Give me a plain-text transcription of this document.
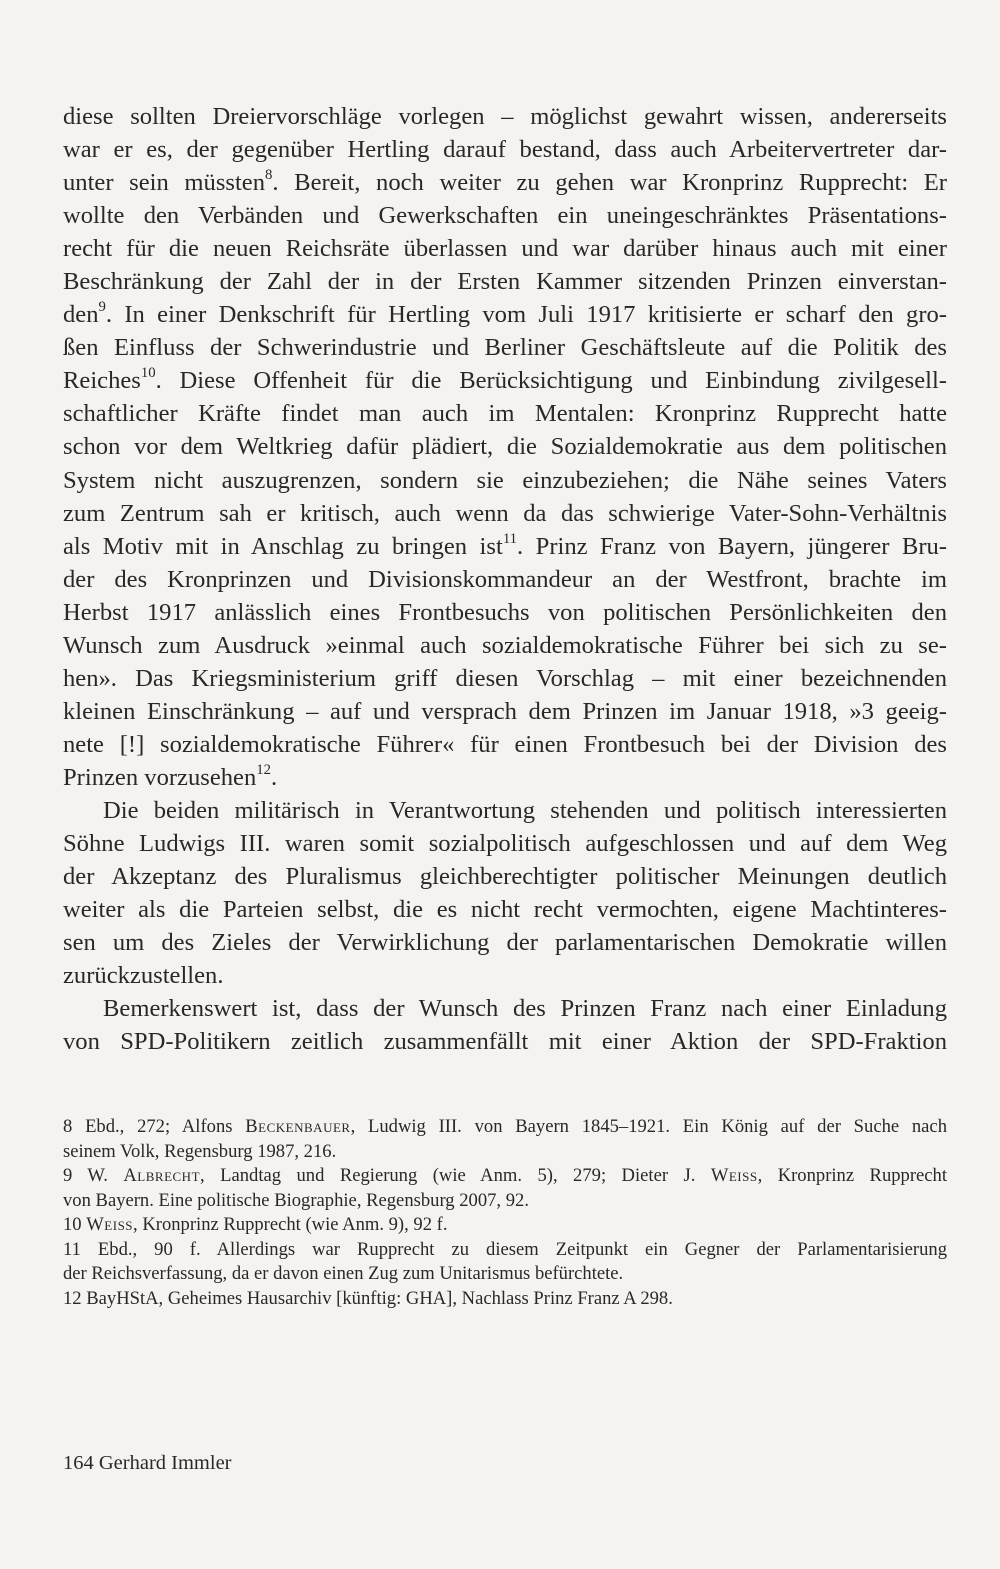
diese sollten Dreiervorschläge vorlegen – möglichst gewahrt wissen, andererseits
war er es, der gegenüber Hertling darauf bestand, dass auch Arbeitervertreter dar-
unter sein müssten$^8$. Bereit, noch weiter zu gehen war Kronprinz Rupprecht: Er
wollte den Verbänden und Gewerkschaften ein uneingeschränktes Präsentations-
recht für die neuen Reichsräte überlassen und war darüber hinaus auch mit einer
Beschränkung der Zahl der in der Ersten Kammer sitzenden Prinzen einverstan-
den$^9$. In einer Denkschrift für Hertling vom Juli 1917 kritisierte er scharf den gro-
ßen Einfluss der Schwerindustrie und Berliner Geschäftsleute auf die Politik des
Reiches$^{10}$. Diese Offenheit für die Berücksichtigung und Einbindung zivilgesell-
schaftlicher Kräfte findet man auch im Mentalen: Kronprinz Rupprecht hatte
schon vor dem Weltkrieg dafür plädiert, die Sozialdemokratie aus dem politischen
System nicht auszugrenzen, sondern sie einzubeziehen; die Nähe seines Vaters
zum Zentrum sah er kritisch, auch wenn da das schwierige Vater-Sohn-Verhältnis
als Motiv mit in Anschlag zu bringen ist$^{11}$. Prinz Franz von Bayern, jüngerer Bru-
der des Kronprinzen und Divisionskommandeur an der Westfront, brachte im
Herbst 1917 anlässlich eines Frontbesuchs von politischen Persönlichkeiten den
Wunsch zum Ausdruck »einmal auch sozialdemokratische Führer bei sich zu se-
hen». Das Kriegsministerium griff diesen Vorschlag – mit einer bezeichnenden
kleinen Einschränkung – auf und versprach dem Prinzen im Januar 1918, »3 geeig-
nete [!] sozialdemokratische Führer« für einen Frontbesuch bei der Division des
Prinzen vorzusehen$^{12}$.
Die beiden militärisch in Verantwortung stehenden und politisch interessierten
Söhne Ludwigs III. waren somit sozialpolitisch aufgeschlossen und auf dem Weg
der Akzeptanz des Pluralismus gleichberechtigter politischer Meinungen deutlich
weiter als die Parteien selbst, die es nicht recht vermochten, eigene Machtinteres-
sen um des Zieles der Verwirklichung der parlamentarischen Demokratie willen
zurückzustellen.
Bemerkenswert ist, dass der Wunsch des Prinzen Franz nach einer Einladung
von SPD-Politikern zeitlich zusammenfällt mit einer Aktion der SPD-Fraktion
8 Ebd., 272; Alfons Beckenbauer, Ludwig III. von Bayern 1845–1921. Ein König auf der Suche nach
seinem Volk, Regensburg 1987, 216.
9 W. Albrecht, Landtag und Regierung (wie Anm. 5), 279; Dieter J. Weiss, Kronprinz Rupprecht
von Bayern. Eine politische Biographie, Regensburg 2007, 92.
10 Weiss, Kronprinz Rupprecht (wie Anm. 9), 92 f.
11 Ebd., 90 f. Allerdings war Rupprecht zu diesem Zeitpunkt ein Gegner der Parlamentarisierung
der Reichsverfassung, da er davon einen Zug zum Unitarismus befürchtete.
12 BayHStA, Geheimes Hausarchiv [künftig: GHA], Nachlass Prinz Franz A 298.
164 Gerhard Immler
